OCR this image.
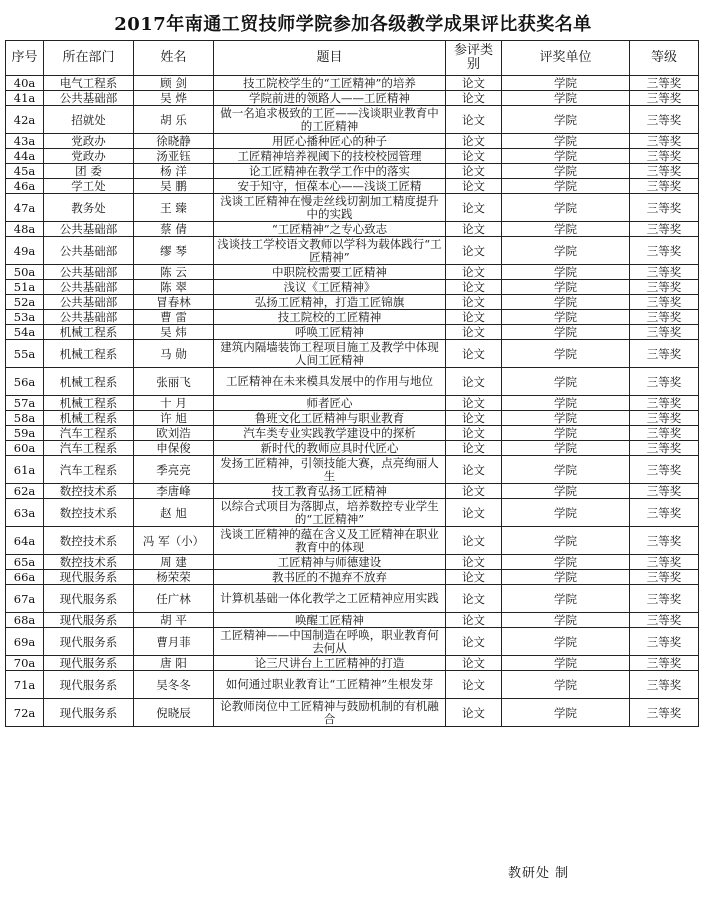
2017年南通工贸技师学院参加各级教学成果评比获奖名单
序号	所在部门	姓名	题目	参评类别	评奖单位	等级
40a	电气工程系	顾 剑	技工院校学生的“工匠精神”的培养	论文	学院	三等奖
41a	公共基础部	吴 烨	学院前进的领路人——工匠精神	论文	学院	三等奖
42a	招就处	胡 乐	做一名追求极致的工匠——浅谈职业教育中的工匠精神	论文	学院	三等奖
43a	党政办	徐晓静	用匠心播种匠心的种子	论文	学院	三等奖
44a	党政办	汤亚钰	工匠精神培养视阈下的技校校园管理	论文	学院	三等奖
45a	团 委	杨 洋	论工匠精神在教学工作中的落实	论文	学院	三等奖
46a	学工处	吴 鹏	安于知守，恒葆本心——浅谈工匠精	论文	学院	三等奖
47a	教务处	王 臻	浅谈工匠精神在慢走丝线切割加工精度提升中的实践	论文	学院	三等奖
48a	公共基础部	蔡 倩	“工匠精神”之专心致志	论文	学院	三等奖
49a	公共基础部	缪 琴	浅谈技工学校语文教师以学科为载体践行“工匠精神”	论文	学院	三等奖
50a	公共基础部	陈 云	中职院校需要工匠精神	论文	学院	三等奖
51a	公共基础部	陈 翠	浅议《工匠精神》	论文	学院	三等奖
52a	公共基础部	冒春林	弘扬工匠精神，打造工匠锦旗	论文	学院	三等奖
53a	公共基础部	曹 雷	技工院校的工匠精神	论文	学院	三等奖
54a	机械工程系	吴 炜	呼唤工匠精神	论文	学院	三等奖
55a	机械工程系	马 勋	建筑内隔墙装饰工程项目施工及教学中体现人间工匠精神	论文	学院	三等奖
56a	机械工程系	张丽飞	工匠精神在未来模具发展中的作用与地位	论文	学院	三等奖
57a	机械工程系	十 月	师者匠心	论文	学院	三等奖
58a	机械工程系	许 旭	鲁班文化工匠精神与职业教育	论文	学院	三等奖
59a	汽车工程系	欧刘浩	汽车类专业实践教学建设中的探析	论文	学院	三等奖
60a	汽车工程系	申保俊	新时代的教师应具时代匠心	论文	学院	三等奖
61a	汽车工程系	季亮亮	发扬工匠精神，引领技能大赛，点亮绚丽人生	论文	学院	三等奖
62a	数控技术系	李唐峰	技工教育弘扬工匠精神	论文	学院	三等奖
63a	数控技术系	赵 旭	以综合式项目为落脚点，培养数控专业学生的“工匠精神”	论文	学院	三等奖
64a	数控技术系	冯 军（小）	浅谈工匠精神的蕴在含义及工匠精神在职业教育中的体现	论文	学院	三等奖
65a	数控技术系	周 建	工匠精神与师德建设	论文	学院	三等奖
66a	现代服务系	杨荣荣	教书匠的不抛弃不放弃	论文	学院	三等奖
67a	现代服务系	任广林	计算机基础一体化教学之工匠精神应用实践	论文	学院	三等奖
68a	现代服务系	胡 平	唤醒工匠精神	论文	学院	三等奖
69a	现代服务系	曹月菲	工匠精神——中国制造在呼唤，职业教育何去何从	论文	学院	三等奖
70a	现代服务系	唐 阳	论三尺讲台上工匠精神的打造	论文	学院	三等奖
71a	现代服务系	吴冬冬	如何通过职业教育让“工匠精神”生根发芽	论文	学院	三等奖
72a	现代服务系	倪晓辰	论教师岗位中工匠精神与鼓励机制的有机融合	论文	学院	三等奖
教研处 制
